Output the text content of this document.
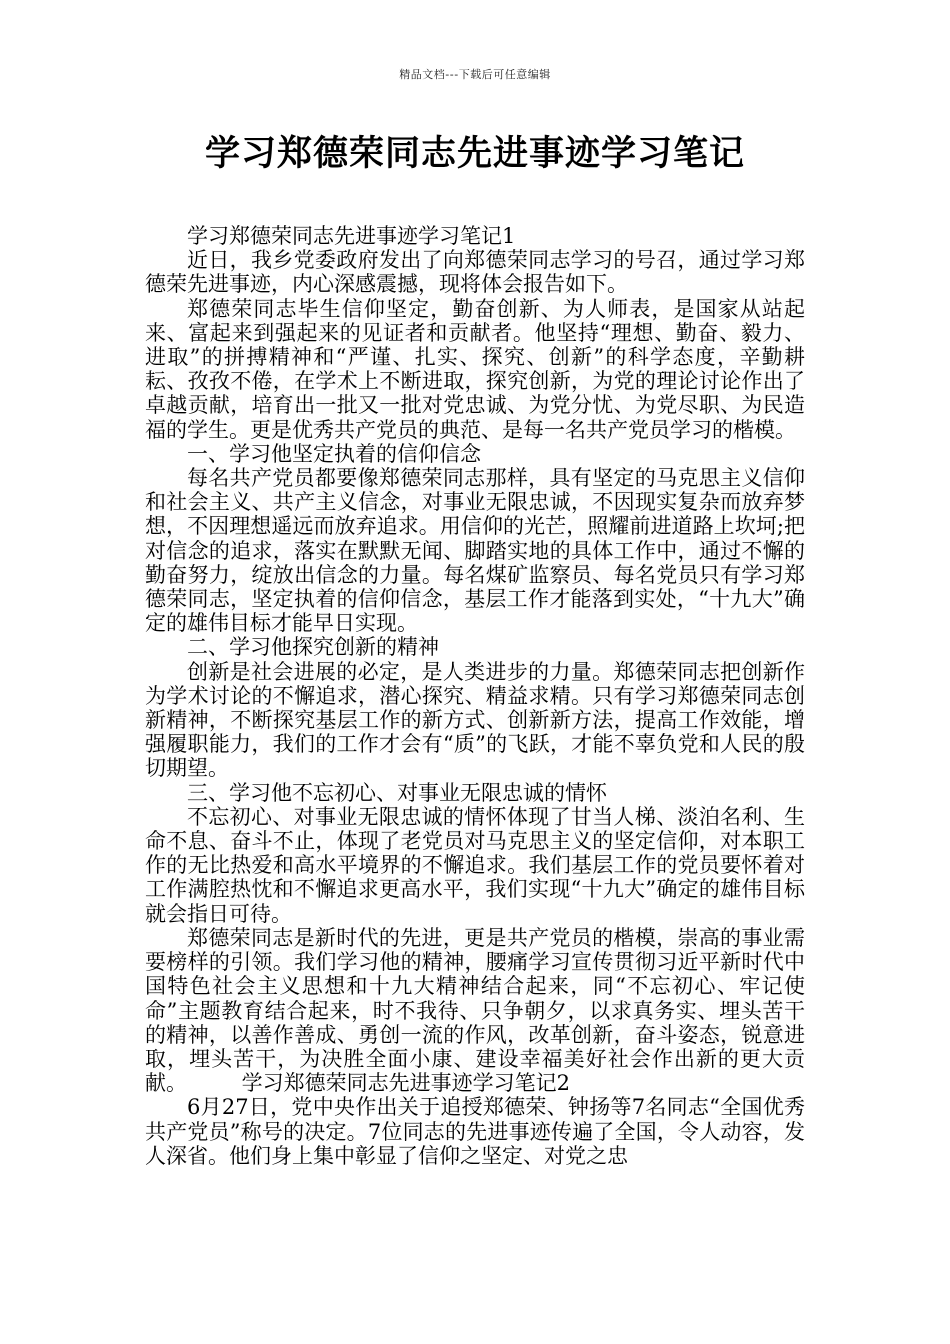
精品文档---下载后可任意编辑
学习郑德荣同志先进事迹学习笔记

学习郑德荣同志先进事迹学习笔记1

近日，我乡党委政府发出了向郑德荣同志学习的号召，通过学习郑德荣先进事迹，内心深感震撼，现将体会报告如下。

郑德荣同志毕生信仰坚定，勤奋创新、为人师表，是国家从站起来、富起来到强起来的见证者和贡献者。他坚持“理想、勤奋、毅力、进取”的拼搏精神和“严谨、扎实、探究、创新”的科学态度，辛勤耕耘、孜孜不倦，在学术上不断进取，探究创新，为党的理论讨论作出了卓越贡献，培育出一批又一批对党忠诚、为党分忧、为党尽职、为民造福的学生。更是优秀共产党员的典范、是每一名共产党员学习的楷模。

一、学习他坚定执着的信仰信念

每名共产党员都要像郑德荣同志那样，具有坚定的马克思主义信仰和社会主义、共产主义信念，对事业无限忠诚，不因现实复杂而放弃梦想，不因理想遥远而放弃追求。用信仰的光芒，照耀前进道路上坎坷;把对信念的追求，落实在默默无闻、脚踏实地的具体工作中，通过不懈的勤奋努力，绽放出信念的力量。每名煤矿监察员、每名党员只有学习郑德荣同志，坚定执着的信仰信念，基层工作才能落到实处，“十九大”确定的雄伟目标才能早日实现。

二、学习他探究创新的精神

创新是社会进展的必定，是人类进步的力量。郑德荣同志把创新作为学术讨论的不懈追求，潜心探究、精益求精。只有学习郑德荣同志创新精神，不断探究基层工作的新方式、创新新方法，提高工作效能，增强履职能力，我们的工作才会有“质”的飞跃，才能不辜负党和人民的殷切期望。

三、学习他不忘初心、对事业无限忠诚的情怀

不忘初心、对事业无限忠诚的情怀体现了甘当人梯、淡泊名利、生命不息、奋斗不止，体现了老党员对马克思主义的坚定信仰，对本职工作的无比热爱和高水平境界的不懈追求。我们基层工作的党员要怀着对工作满腔热忱和不懈追求更高水平，我们实现“十九大”确定的雄伟目标就会指日可待。

郑德荣同志是新时代的先进，更是共产党员的楷模，崇高的事业需要榜样的引领。我们学习他的精神，腰痛学习宣传贯彻习近平新时代中国特色社会主义思想和十九大精神结合起来，同“不忘初心、牢记使命”主题教育结合起来，时不我待、只争朝夕，以求真务实、埋头苦干的精神，以善作善成、勇创一流的作风，改革创新，奋斗姿态，锐意进取，埋头苦干，为决胜全面小康、建设幸福美好社会作出新的更大贡献。	学习郑德荣同志先进事迹学习笔记2

6月27日，党中央作出关于追授郑德荣、钟扬等7名同志“全国优秀共产党员”称号的决定。7位同志的先进事迹传遍了全国，令人动容，发人深省。他们身上集中彰显了信仰之坚定、对党之忠
